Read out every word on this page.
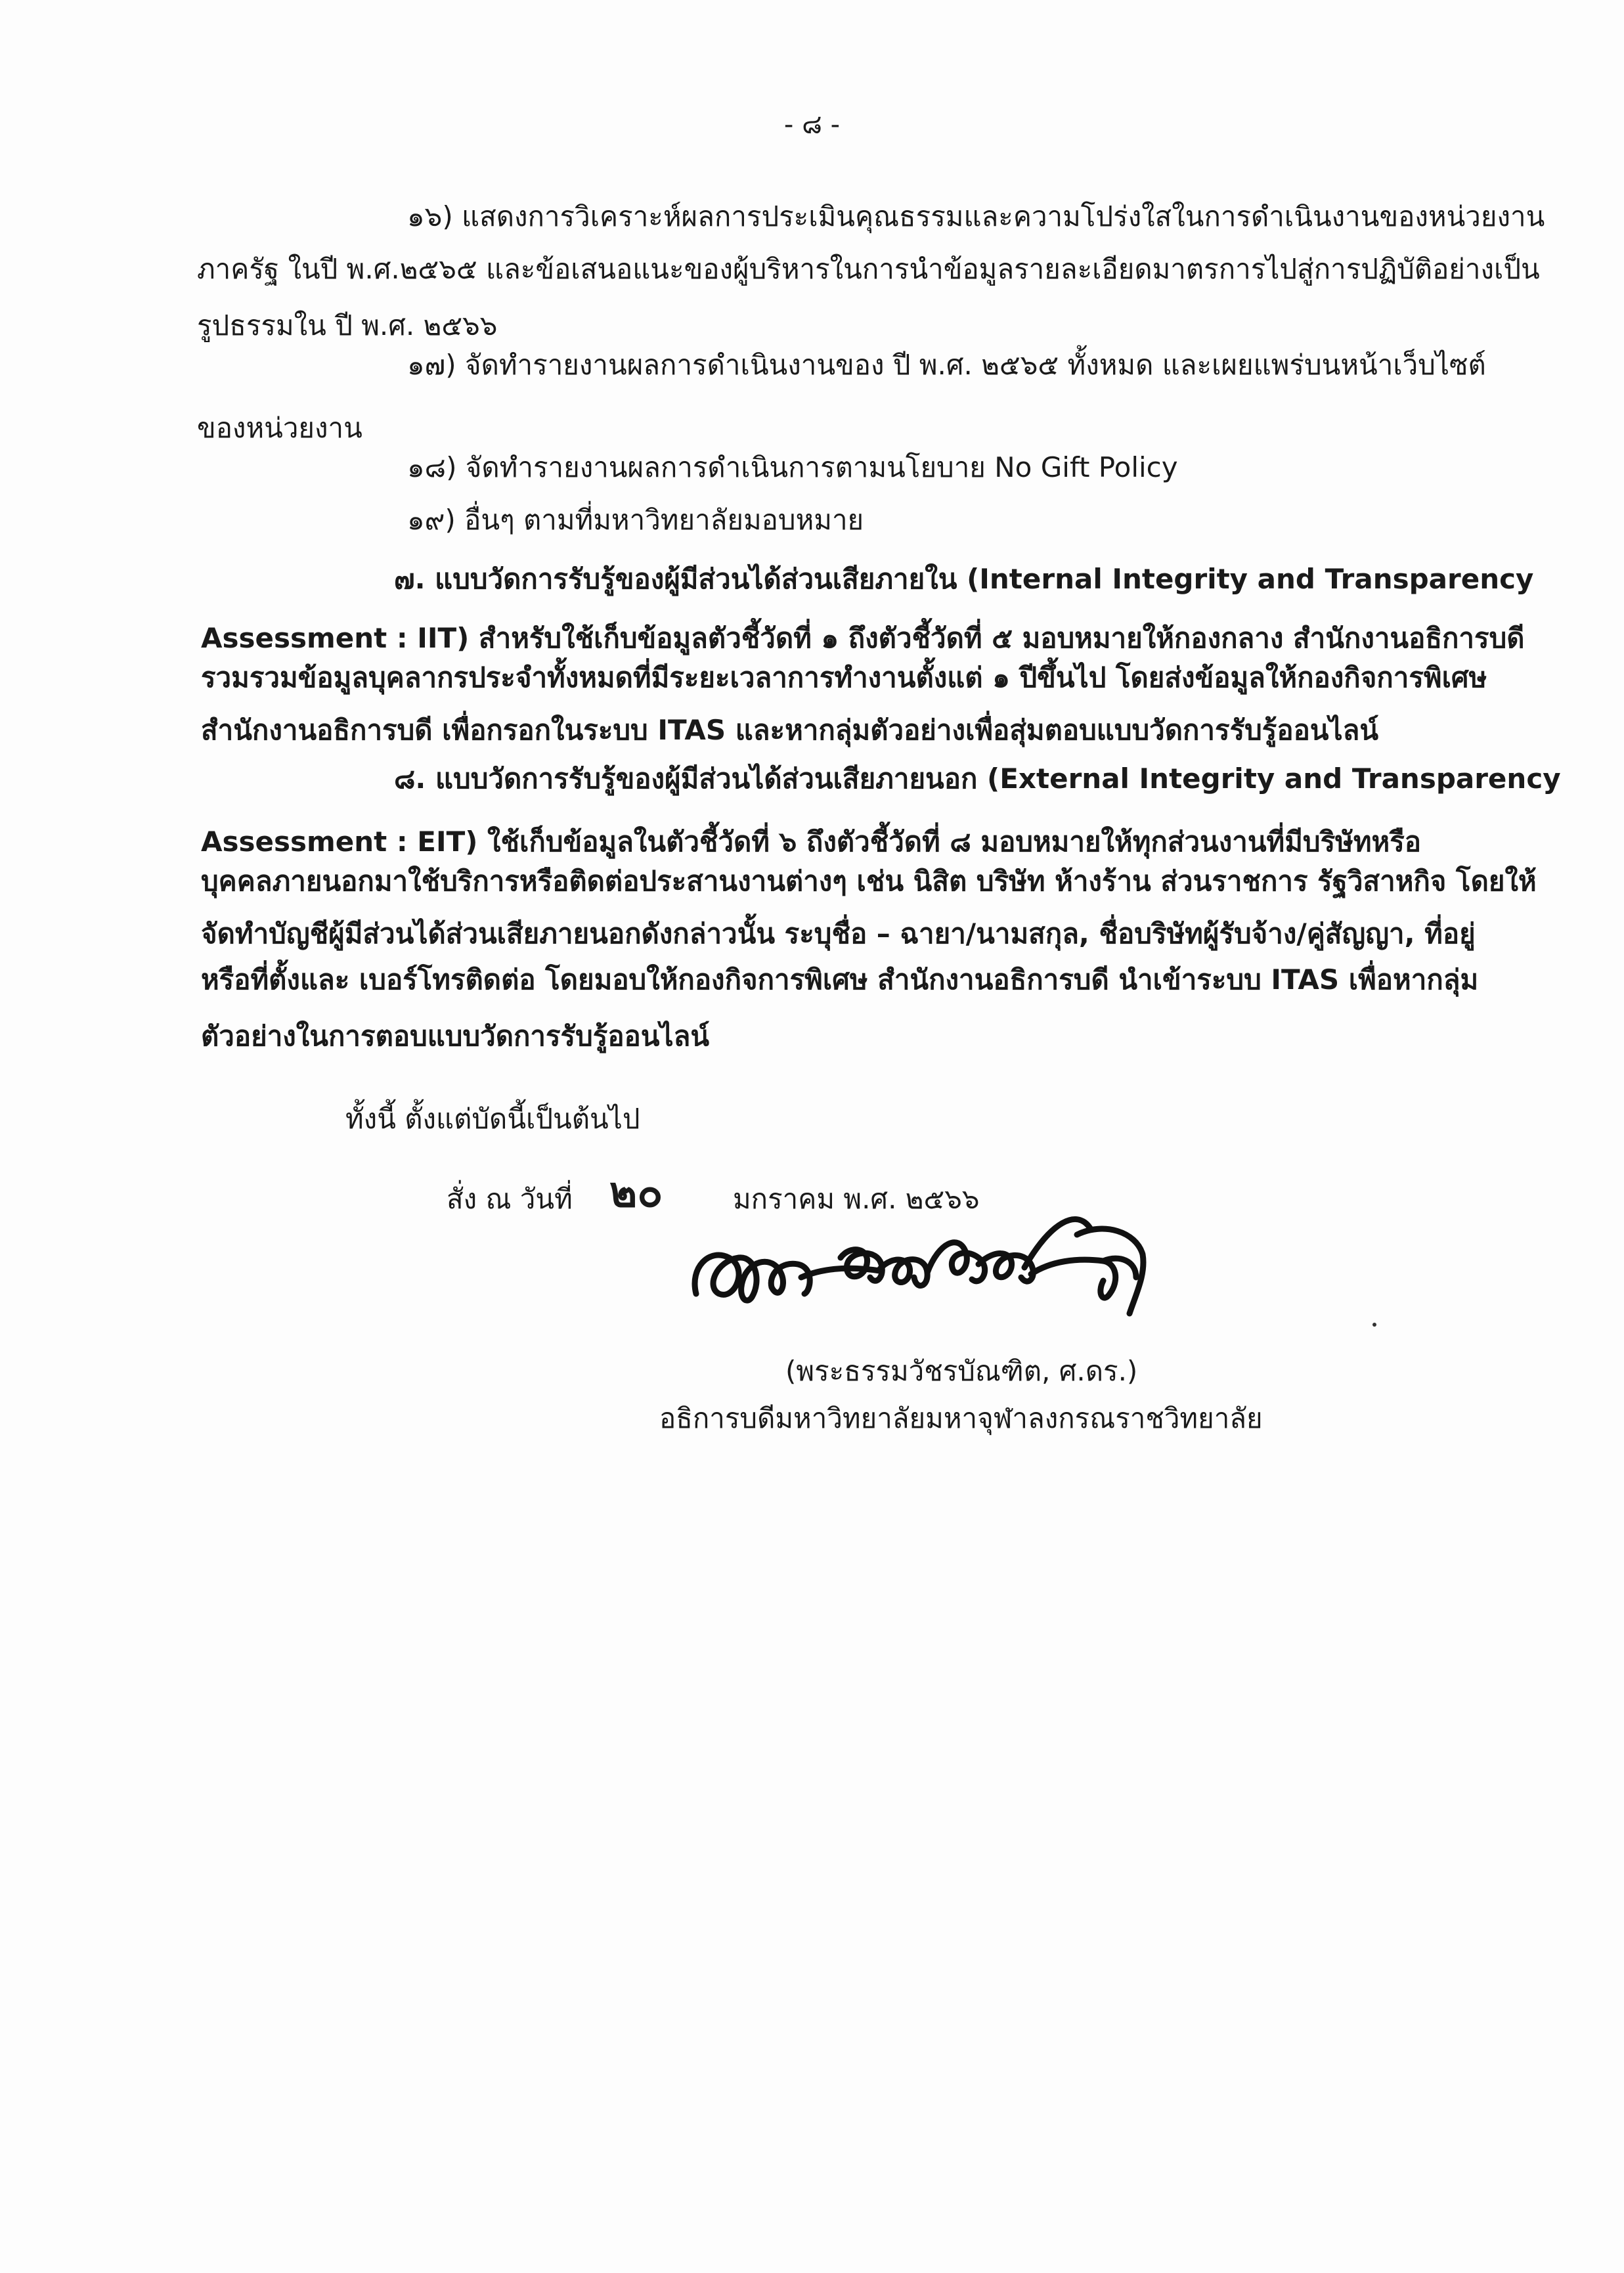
- ๘ -
๑๖) แสดงการวิเคราะห์ผลการประเมินคุณธรรมและความโปร่งใสในการดำเนินงานของหน่วยงาน
ภาครัฐ ในปี พ.ศ.๒๕๖๕ และข้อเสนอแนะของผู้บริหารในการนำข้อมูลรายละเอียดมาตรการไปสู่การปฏิบัติอย่างเป็น
รูปธรรมใน ปี พ.ศ. ๒๕๖๖
๑๗) จัดทำรายงานผลการดำเนินงานของ ปี พ.ศ. ๒๕๖๕ ทั้งหมด และเผยแพร่บนหน้าเว็บไซต์
ของหน่วยงาน
๑๘) จัดทำรายงานผลการดำเนินการตามนโยบาย No Gift Policy
๑๙) อื่นๆ ตามที่มหาวิทยาลัยมอบหมาย
๗. แบบวัดการรับรู้ของผู้มีส่วนได้ส่วนเสียภายใน (Internal Integrity and Transparency
Assessment : IIT) สำหรับใช้เก็บข้อมูลตัวชี้วัดที่ ๑ ถึงตัวชี้วัดที่ ๕ มอบหมายให้กองกลาง สำนักงานอธิการบดี
รวมรวมข้อมูลบุคลากรประจำทั้งหมดที่มีระยะเวลาการทำงานตั้งแต่ ๑ ปีขึ้นไป โดยส่งข้อมูลให้กองกิจการพิเศษ
สำนักงานอธิการบดี เพื่อกรอกในระบบ ITAS และหากลุ่มตัวอย่างเพื่อสุ่มตอบแบบวัดการรับรู้ออนไลน์
๘. แบบวัดการรับรู้ของผู้มีส่วนได้ส่วนเสียภายนอก (External Integrity and Transparency
Assessment : EIT) ใช้เก็บข้อมูลในตัวชี้วัดที่ ๖ ถึงตัวชี้วัดที่ ๘ มอบหมายให้ทุกส่วนงานที่มีบริษัทหรือ
บุคคลภายนอกมาใช้บริการหรือติดต่อประสานงานต่างๆ เช่น นิสิต บริษัท ห้างร้าน ส่วนราชการ รัฐวิสาหกิจ โดยให้
จัดทำบัญชีผู้มีส่วนได้ส่วนเสียภายนอกดังกล่าวนั้น ระบุชื่อ – ฉายา/นามสกุล, ชื่อบริษัทผู้รับจ้าง/คู่สัญญา, ที่อยู่
หรือที่ตั้งและ เบอร์โทรติดต่อ โดยมอบให้กองกิจการพิเศษ สำนักงานอธิการบดี นำเข้าระบบ ITAS เพื่อหากลุ่ม
ตัวอย่างในการตอบแบบวัดการรับรู้ออนไลน์
ทั้งนี้ ตั้งแต่บัดนี้เป็นต้นไป
สั่ง ณ วันที่ ๒๐	มกราคม พ.ศ. ๒๕๖๖
(พระธรรมวัชรบัณฑิต, ศ.ดร.)
อธิการบดีมหาวิทยาลัยมหาจุฬาลงกรณราชวิทยาลัย
